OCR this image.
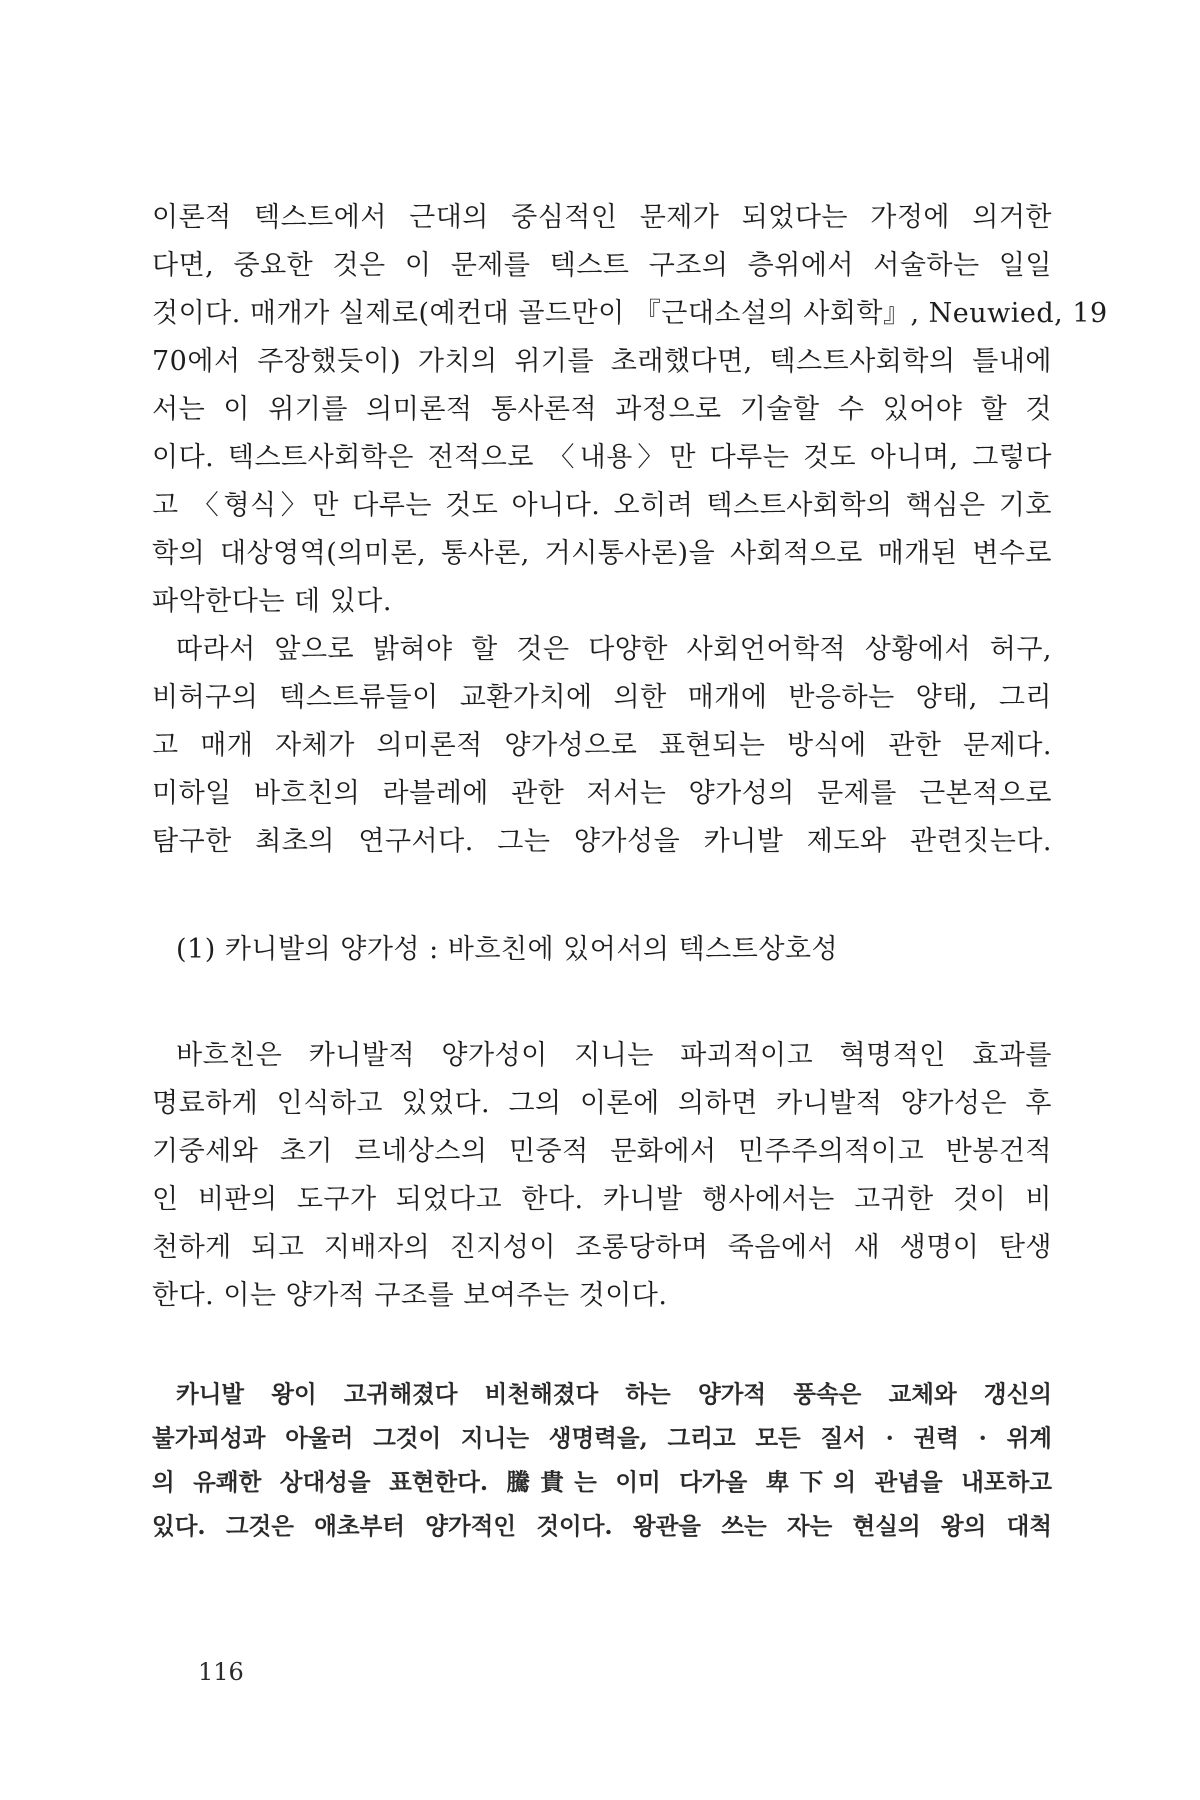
이론적 텍스트에서 근대의 중심적인 문제가 되었다는 가정에 의거한
다면, 중요한 것은 이 문제를 텍스트 구조의 층위에서 서술하는 일일
것이다. 매개가 실제로(예컨대 골드만이 『근대소설의 사회학』, Neuwied, 19
70에서 주장했듯이) 가치의 위기를 초래했다면, 텍스트사회학의 틀내에
서는 이 위기를 의미론적 통사론적 과정으로 기술할 수 있어야 할 것
이다. 텍스트사회학은 전적으로 〈내용〉만 다루는 것도 아니며, 그렇다
고 〈형식〉만 다루는 것도 아니다. 오히려 텍스트사회학의 핵심은 기호
학의 대상영역(의미론, 통사론, 거시통사론)을 사회적으로 매개된 변수로
파악한다는 데 있다.
따라서 앞으로 밝혀야 할 것은 다양한 사회언어학적 상황에서 허구,
비허구의 텍스트류들이 교환가치에 의한 매개에 반응하는 양태, 그리
고 매개 자체가 의미론적 양가성으로 표현되는 방식에 관한 문제다.
미하일 바흐친의 라블레에 관한 저서는 양가성의 문제를 근본적으로
탐구한 최초의 연구서다. 그는 양가성을 카니발 제도와 관련짓는다.
(1) 카니발의 양가성 : 바흐친에 있어서의 텍스트상호성
바흐친은 카니발적 양가성이 지니는 파괴적이고 혁명적인 효과를
명료하게 인식하고 있었다. 그의 이론에 의하면 카니발적 양가성은 후
기중세와 초기 르네상스의 민중적 문화에서 민주주의적이고 반봉건적
인 비판의 도구가 되었다고 한다. 카니발 행사에서는 고귀한 것이 비
천하게 되고 지배자의 진지성이 조롱당하며 죽음에서 새 생명이 탄생
한다. 이는 양가적 구조를 보여주는 것이다.
카니발 왕이 고귀해졌다 비천해졌다 하는 양가적 풍속은 교체와 갱신의
불가피성과 아울러 그것이 지니는 생명력을, 그리고 모든 질서 · 권력 · 위계
의 유쾌한 상대성을 표현한다. 騰貴는 이미 다가올 卑下의 관념을 내포하고
있다. 그것은 애초부터 양가적인 것이다. 왕관을 쓰는 자는 현실의 왕의 대척
116
